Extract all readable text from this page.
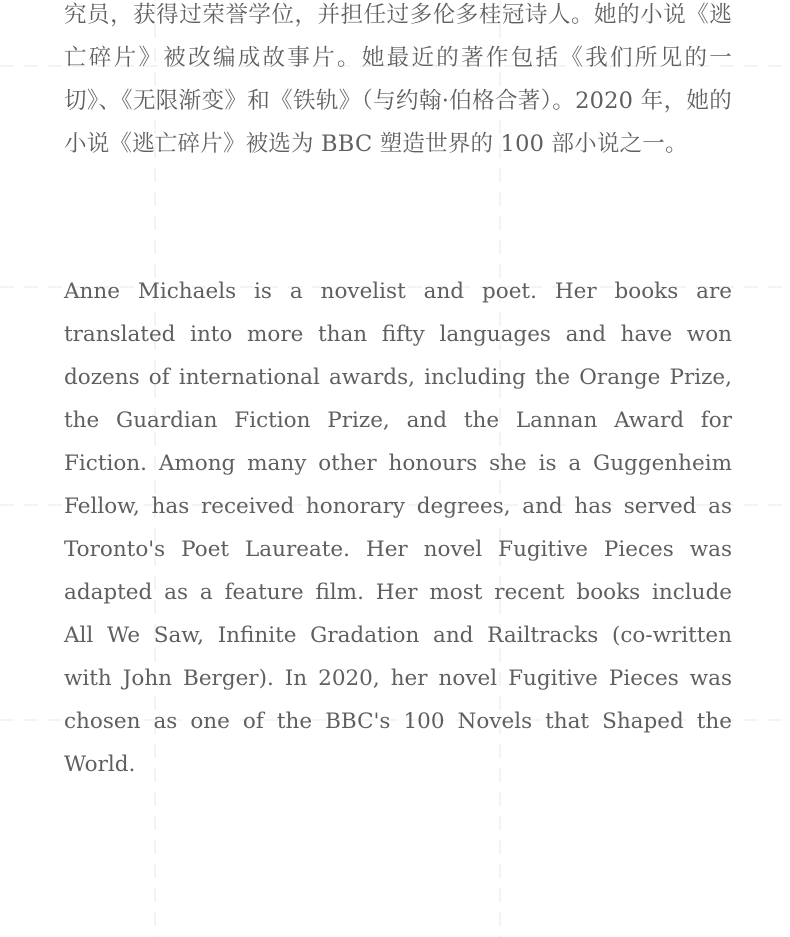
究员，获得过荣誉学位，并担任过多伦多桂冠诗人。她的小说《逃亡碎片》被改编成故事片。她最近的著作包括《我们所见的一切》、《无限渐变》和《铁轨》（与约翰·伯格合著）。2020 年，她的小说《逃亡碎片》被选为 BBC 塑造世界的 100 部小说之一。

Anne Michaels is a novelist and poet. Her books are translated into more than fifty languages and have won dozens of international awards, including the Orange Prize, the Guardian Fiction Prize, and the Lannan Award for Fiction. Among many other honours she is a Guggenheim Fellow, has received honorary degrees, and has served as Toronto's Poet Laureate. Her novel Fugitive Pieces was adapted as a feature film. Her most recent books include All We Saw, Infinite Gradation and Railtracks (co-written with John Berger). In 2020, her novel Fugitive Pieces was chosen as one of the BBC's 100 Novels that Shaped the World.
